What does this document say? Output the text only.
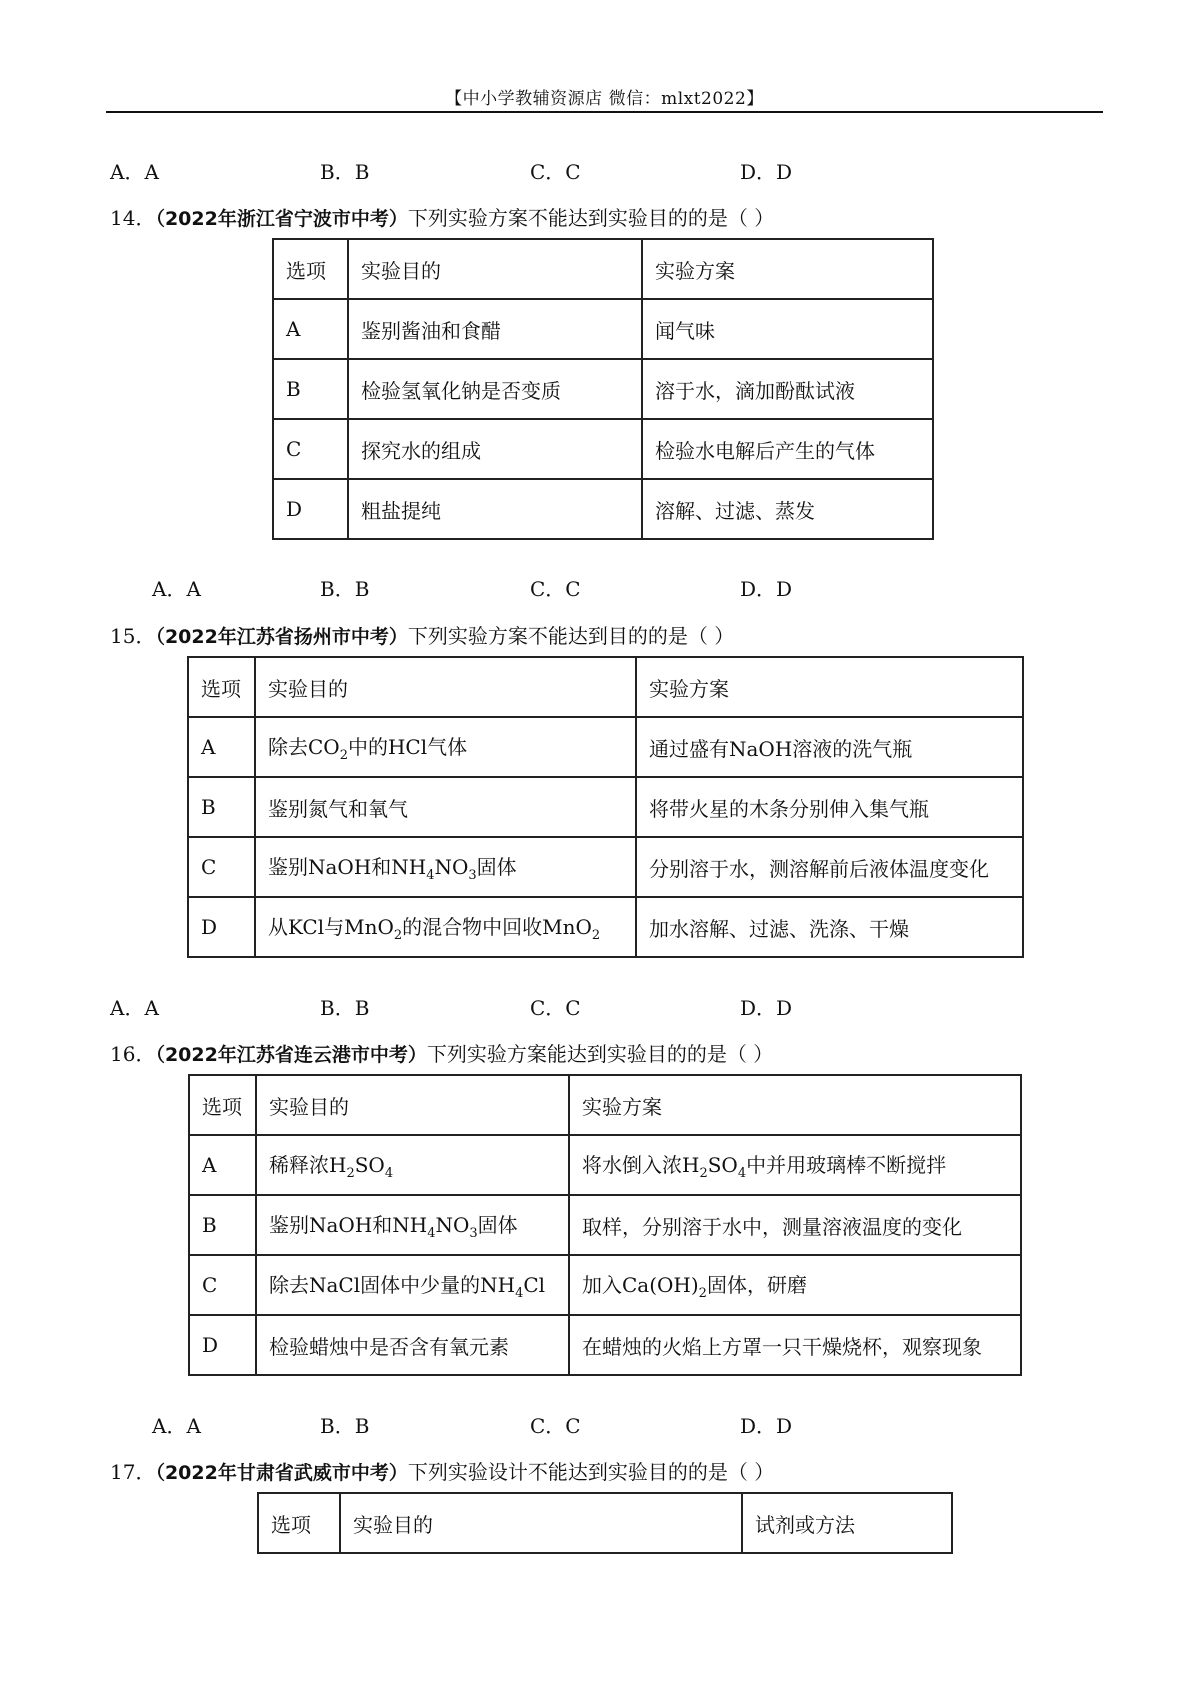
【中小学教辅资源店 微信：mlxt2022】
A．A	B．B	C．C	D．D
14．（2022年浙江省宁波市中考）下列实验方案不能达到实验目的的是（ ）
选项	实验目的	实验方案
A	鉴别酱油和食醋	闻气味
B	检验氢氧化钠是否变质	溶于水，滴加酚酞试液
C	探究水的组成	检验水电解后产生的气体
D	粗盐提纯	溶解、过滤、蒸发
A．A	B．B	C．C	D．D
15．（2022年江苏省扬州市中考）下列实验方案不能达到目的的是（ ）
选项	实验目的	实验方案
A	除去$CO_2$中的HCl气体	通过盛有NaOH溶液的洗气瓶
B	鉴别氮气和氧气	将带火星的木条分别伸入集气瓶
C	鉴别NaOH和$NH_4NO_3$固体	分别溶于水，测溶解前后液体温度变化
D	从KCl与MnO$_2$的混合物中回收MnO$_2$	加水溶解、过滤、洗涤、干燥
A．A	B．B	C．C	D．D
16．（2022年江苏省连云港市中考）下列实验方案能达到实验目的的是（ ）
选项	实验目的	实验方案
A	稀释浓$H_2SO_4$	将水倒入浓$H_2SO_4$中并用玻璃棒不断搅拌
B	鉴别NaOH和$NH_4NO_3$固体	取样，分别溶于水中，测量溶液温度的变化
C	除去NaCl固体中少量的$NH_4Cl$	加入$Ca(OH)_2$固体，研磨
D	检验蜡烛中是否含有氧元素	在蜡烛的火焰上方罩一只干燥烧杯，观察现象
A．A	B．B	C．C	D．D
17．（2022年甘肃省武威市中考）下列实验设计不能达到实验目的的是（ ）
选项	实验目的	试剂或方法
